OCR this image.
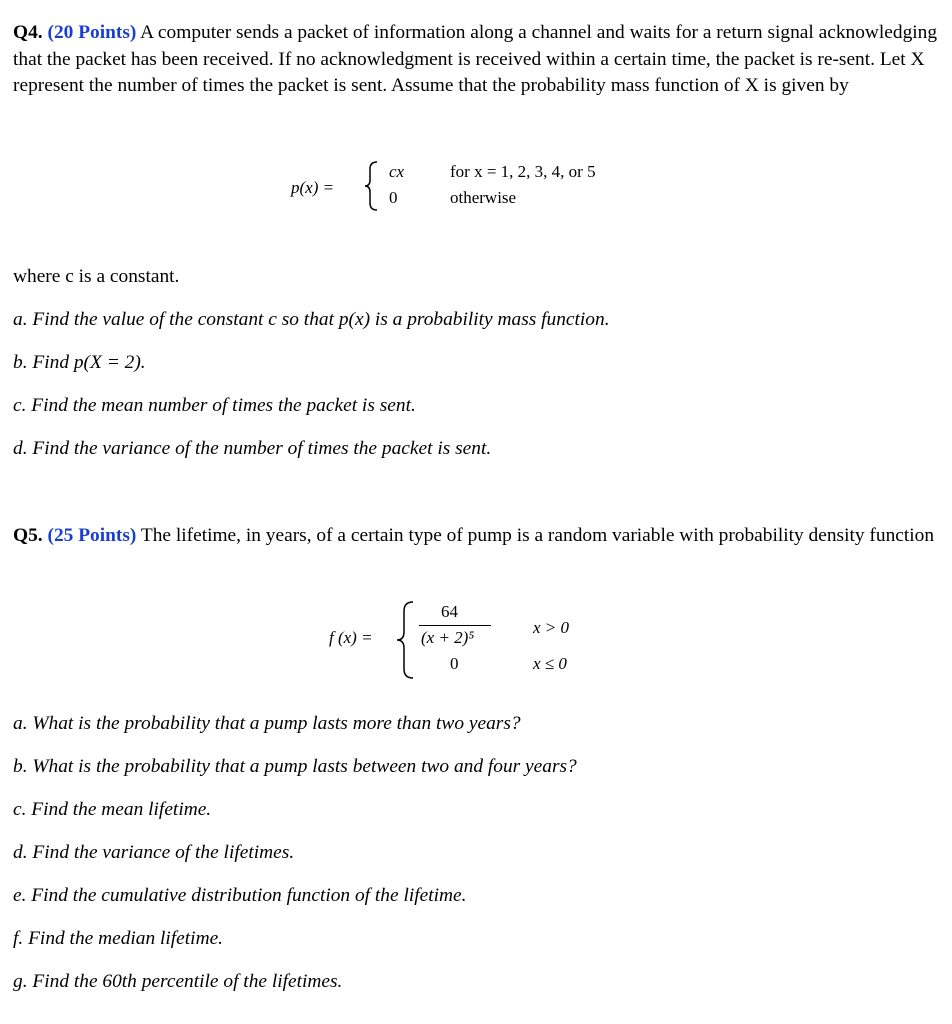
Q4. (20 Points) A computer sends a packet of information along a channel and waits for a return signal acknowledging that the packet has been received. If no acknowledgment is received within a certain time, the packet is re-sent. Let X represent the number of times the packet is sent. Assume that the probability mass function of X is given by
p(x) =
cx
0
for x = 1, 2, 3, 4, or 5
otherwise
where c is a constant.
a. Find the value of the constant c so that p(x) is a probability mass function.
b. Find p(X = 2).
c. Find the mean number of times the packet is sent.
d. Find the variance of the number of times the packet is sent.
Q5. (25 Points) The lifetime, in years, of a certain type of pump is a random variable with probability density function
f (x) =
64
(x + 2)⁵
0
x > 0
x ≤ 0
a. What is the probability that a pump lasts more than two years?
b. What is the probability that a pump lasts between two and four years?
c. Find the mean lifetime.
d. Find the variance of the lifetimes.
e. Find the cumulative distribution function of the lifetime.
f. Find the median lifetime.
g. Find the 60th percentile of the lifetimes.
